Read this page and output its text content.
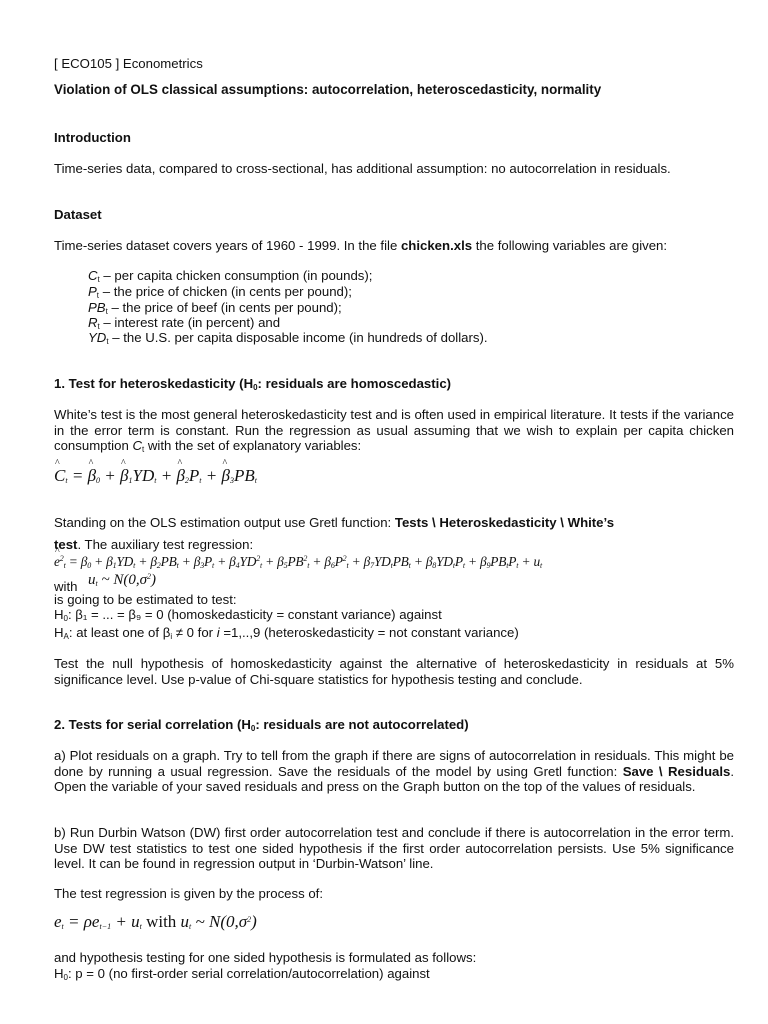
[ ECO105 ] Econometrics
Violation of OLS classical assumptions: autocorrelation, heteroscedasticity, normality
Introduction
Time-series data, compared to cross-sectional, has additional assumption: no autocorrelation in residuals.
Dataset
Time-series dataset covers years of 1960 - 1999. In the file chicken.xls the following variables are given:
$C_t$ – per capita chicken consumption (in pounds);
$P_t$ – the price of chicken (in cents per pound);
$PB_t$ – the price of beef (in cents per pound);
$R_t$ – interest rate (in percent) and
$YD_t$ – the U.S. per capita disposable income (in hundreds of dollars).
1. Test for heteroskedasticity ($H_0$: residuals are homoscedastic)
White’s test is the most general heteroskedasticity test and is often used in empirical literature. It tests if the variance in the error term is constant. Run the regression as usual assuming that we wish to explain per capita chicken consumption $C_t$ with the set of explanatory variables:
^ $C_t$ = ^ $\beta_0$ + ^ $\beta_1YD_t$ + ^ $\beta_2P_t$ + ^ $\beta_3PB_t$
Standing on the OLS estimation output use Gretl function: Tests \ Heteroskedasticity \ White’s
test. The auxiliary test regression:
^ $e^2_t = \beta_0 + \beta_1YD_t + \beta_2PB_t + \beta_3P_t + \beta_4YD^2_t + \beta_5PB^2_t + \beta_6P^2_t + \beta_7YD_tPB_t + \beta_8YD_tP_t + \beta_9PB_tP_t + u_t$
with $u_t$ ~ $N(0,\sigma^2)$
is going to be estimated to test:
$H_0$: β₁ = ... = β₉ = 0 (homoskedasticity = constant variance) against
$H_A$: at least one of $\beta_i \ne 0$ for i =1,..,9 (heteroskedasticity = not constant variance)
Test the null hypothesis of homoskedasticity against the alternative of heteroskedasticity in residuals at 5% significance level. Use p-value of Chi-square statistics for hypothesis testing and conclude.
2. Tests for serial correlation ($H_0$: residuals are not autocorrelated)
a) Plot residuals on a graph. Try to tell from the graph if there are signs of autocorrelation in residuals. This might be done by running a usual regression. Save the residuals of the model by using Gretl function: Save \ Residuals. Open the variable of your saved residuals and press on the Graph button on the top of the values of residuals.
b) Run Durbin Watson (DW) first order autocorrelation test and conclude if there is autocorrelation in the error term. Use DW test statistics to test one sided hypothesis if the first order autocorrelation persists. Use 5% significance level. It can be found in regression output in ‘Durbin-Watson’ line.
The test regression is given by the process of:
$e_t = \rho e_{t-1} + u_t$ with $u_t$ ~ $N(0,\sigma^2)$
and hypothesis testing for one sided hypothesis is formulated as follows:
$H_0$: p = 0 (no first-order serial correlation/autocorrelation) against
